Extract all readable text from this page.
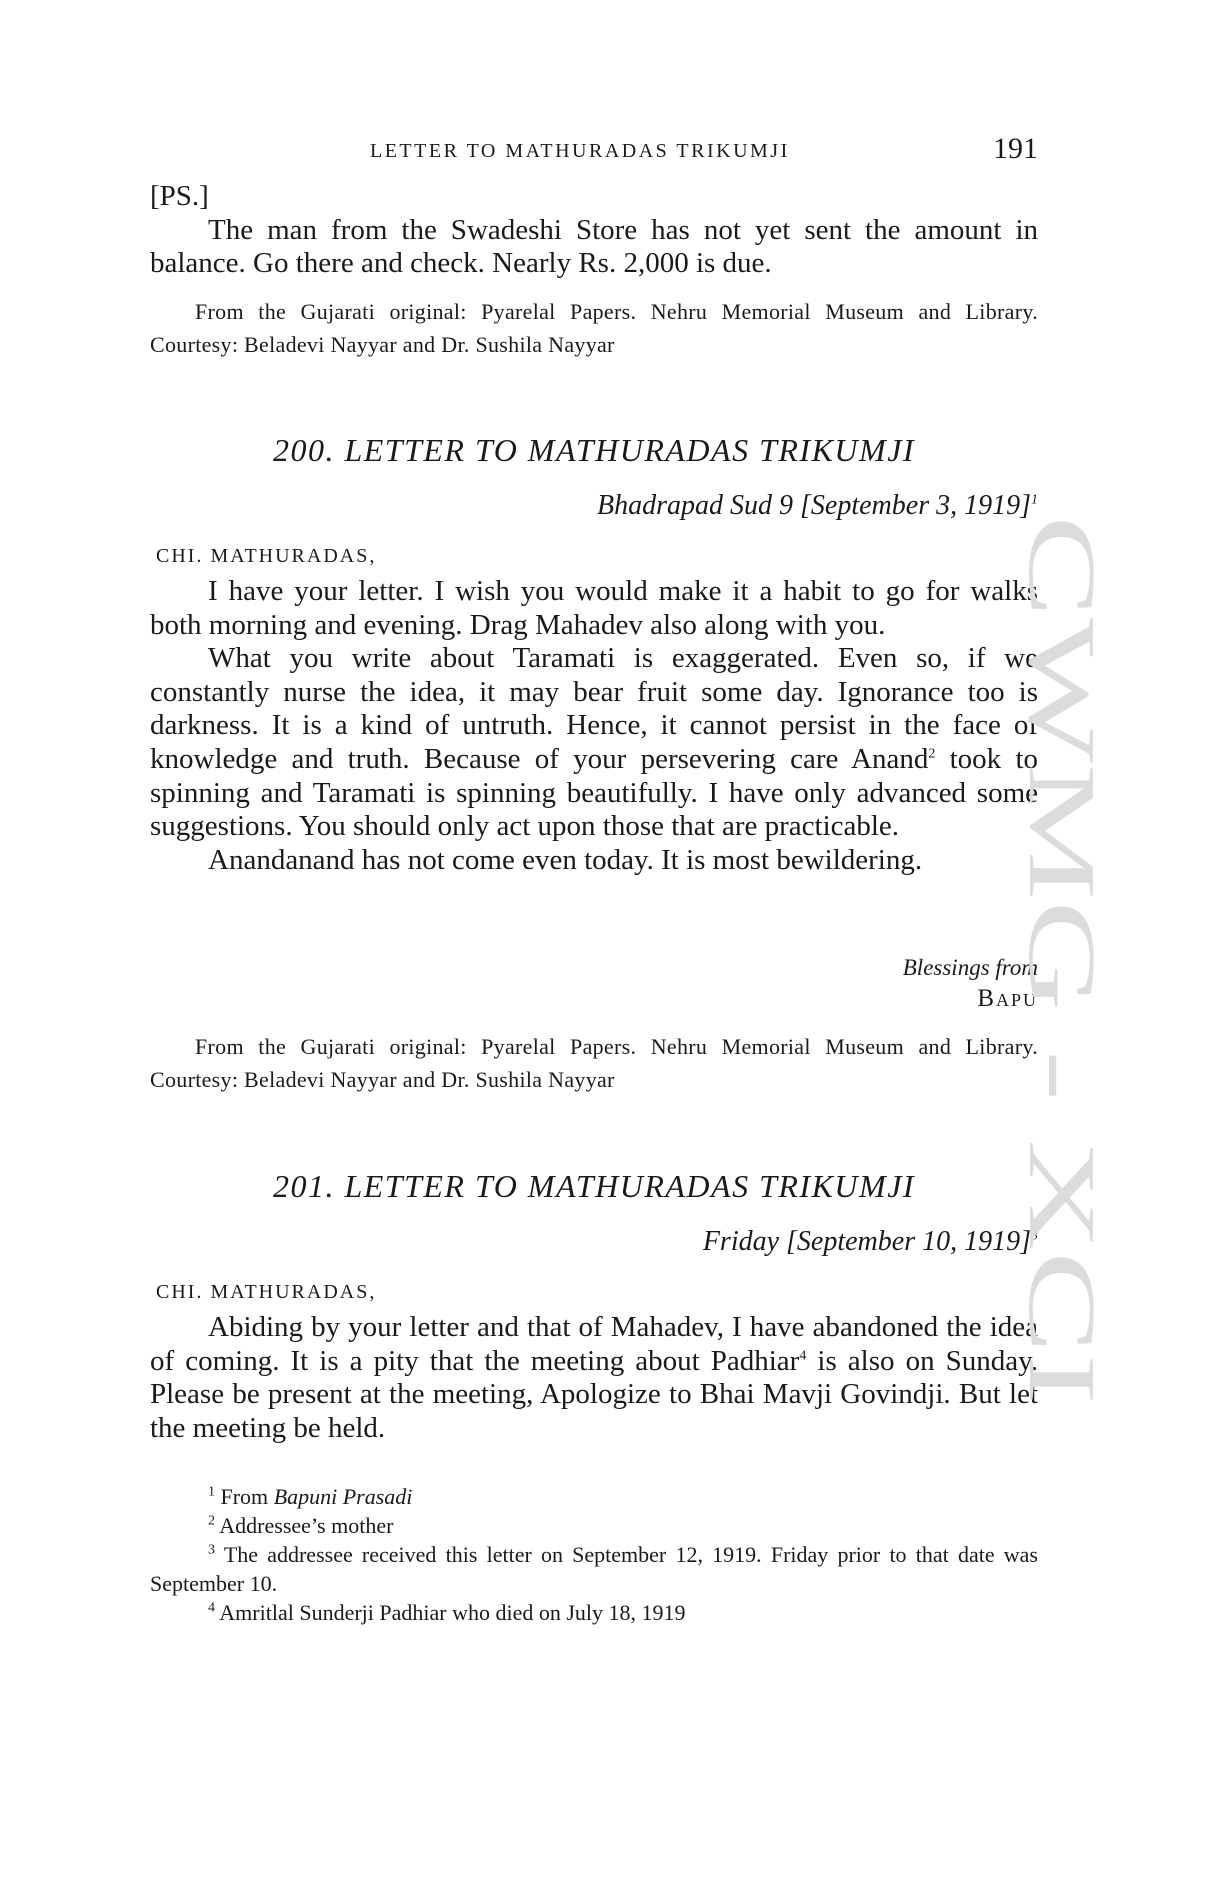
LETTER TO MATHURADAS TRIKUMJI	191

[PS.]

The man from the Swadeshi Store has not yet sent the amount in balance. Go there and check. Nearly Rs. 2,000 is due.

From the Gujarati original: Pyarelal Papers. Nehru Memorial Museum and Library. Courtesy: Beladevi Nayyar and Dr. Sushila Nayyar

200. LETTER TO MATHURADAS TRIKUMJI
Bhadrapad Sud 9 [September 3, 1919]$^1$
CHI. MATHURADAS,

I have your letter. I wish you would make it a habit to go for walks both morning and evening. Drag Mahadev also along with you.

What you write about Taramati is exaggerated. Even so, if we constantly nurse the idea, it may bear fruit some day. Ignorance too is darkness. It is a kind of untruth. Hence, it cannot persist in the face of knowledge and truth. Because of your persevering care Anand$^2$ took to spinning and Taramati is spinning beautifully. I have only advanced some suggestions. You should only act upon those that are practicable.

Anandanand has not come even today. It is most bewildering.

Blessings from
Bapu

From the Gujarati original: Pyarelal Papers. Nehru Memorial Museum and Library. Courtesy: Beladevi Nayyar and Dr. Sushila Nayyar

201. LETTER TO MATHURADAS TRIKUMJI
Friday [September 10, 1919]$^3$
CHI. MATHURADAS,

Abiding by your letter and that of Mahadev, I have abandoned the idea of coming. It is a pity that the meeting about Padhiar$^4$ is also on Sunday. Please be present at the meeting, Apologize to Bhai Mavji Govindji. But let the meeting be held.

$^1$ From Bapuni Prasadi

$^2$ Addressee’s mother

$^3$ The addressee received this letter on September 12, 1919. Friday prior to that date was September 10.

$^4$ Amritlal Sunderji Padhiar who died on July 18, 1919

CWMG XCI
